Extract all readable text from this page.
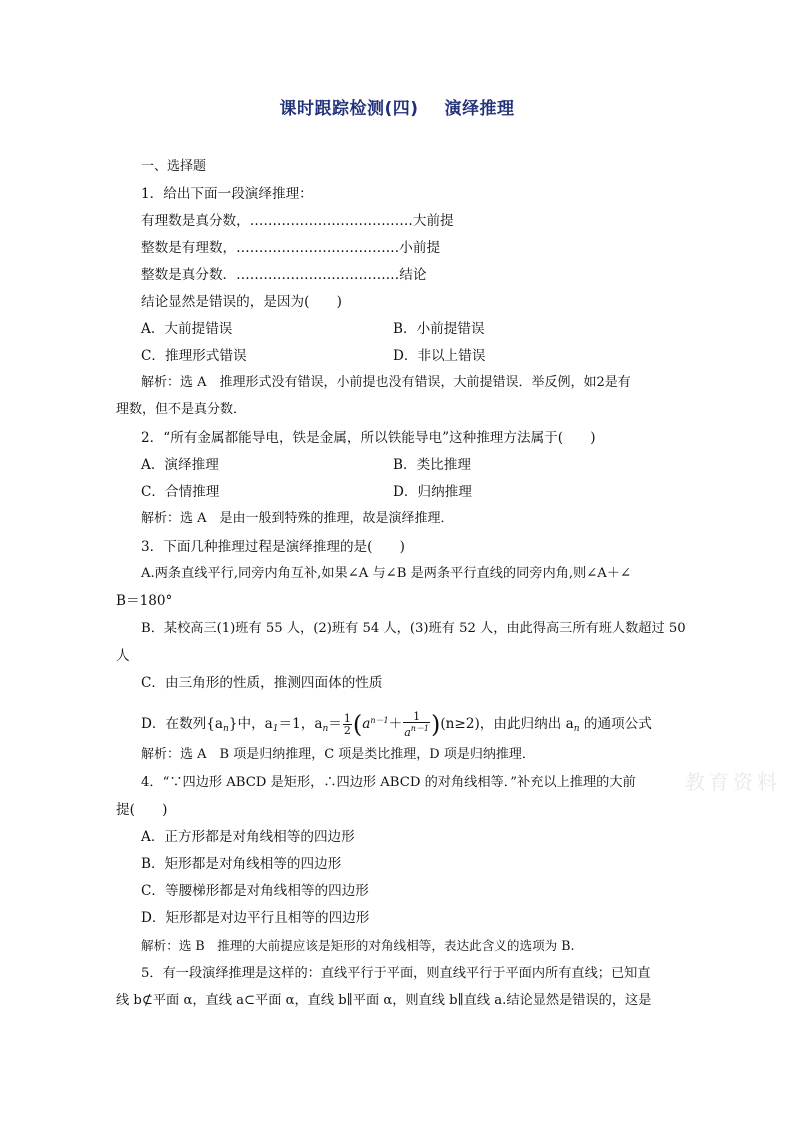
课时跟踪检测(四) 演绎推理
一、选择题
1．给出下面一段演绎推理：
有理数是真分数，………………………………大前提
整数是有理数，………………………………小前提
整数是真分数．………………………………结论
结论显然是错误的，是因为(　　)
A．大前提错误	B．小前提错误
C．推理形式错误	D．非以上错误
解析：选 A　推理形式没有错误，小前提也没有错误，大前提错误．举反例，如2是有
理数，但不是真分数．
2．“所有金属都能导电，铁是金属，所以铁能导电”这种推理方法属于(　　)
A．演绎推理	B．类比推理
C．合情推理	D．归纳推理
解析：选 A　是由一般到特殊的推理，故是演绎推理．
3．下面几种推理过程是演绎推理的是(　　)
A.两条直线平行,同旁内角互补,如果∠A 与∠B 是两条平行直线的同旁内角,则∠A＋∠
B＝180°
B．某校高三(1)班有 55 人，(2)班有 54 人，(3)班有 52 人，由此得高三所有班人数超过 50
人
C．由三角形的性质，推测四面体的性质
D．在数列$\{a_n\}$中，$a_1=1$，$a_n= \frac{1}{2} (a^{n-1}+ \frac{1}{a^{n-1}} )(n\ge 2)$，由此归纳出 $a_n$ 的通项公式
解析：选 A　B 项是归纳推理，C 项是类比推理，D 项是归纳推理．
4．“∵四边形 ABCD 是矩形，∴四边形 ABCD 的对角线相等．”补充以上推理的大前
提(　　)
A．正方形都是对角线相等的四边形
B．矩形都是对角线相等的四边形
C．等腰梯形都是对角线相等的四边形
D．矩形都是对边平行且相等的四边形
解析：选 B　推理的大前提应该是矩形的对角线相等，表达此含义的选项为 B.
5．有一段演绎推理是这样的：直线平行于平面，则直线平行于平面内所有直线；已知直
线 b⊄平面 α，直线 a⊂平面 α，直线 b∥平面 α，则直线 b∥直线 a.结论显然是错误的，这是
教育资料
